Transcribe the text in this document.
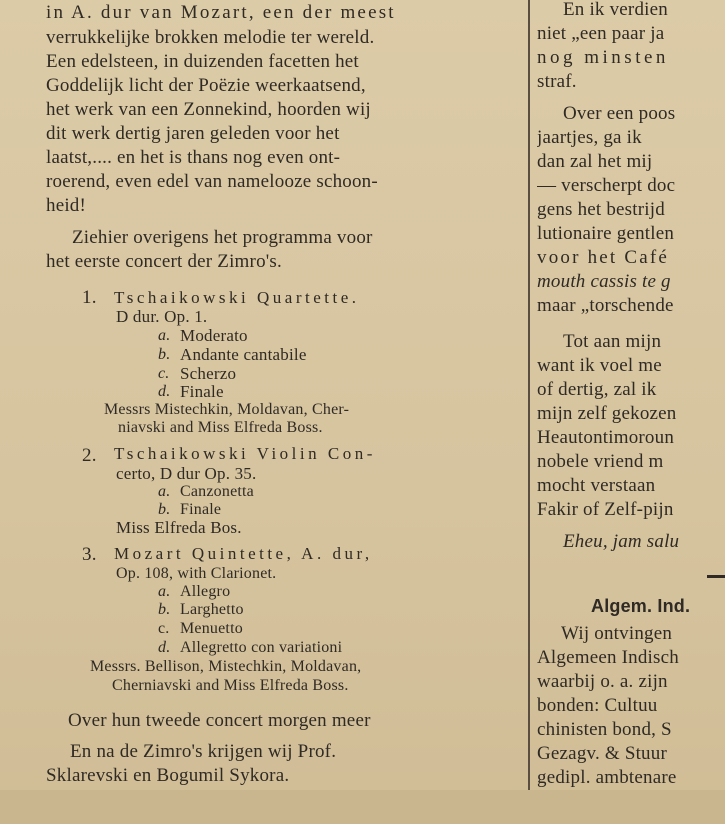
in A. dur van Mozart, een der meest
verrukkelijke brokken melodie ter wereld.
Een edelsteen, in duizenden facetten het
Goddelijk licht der Poëzie weerkaatsend,
het werk van een Zonnekind, hoorden wij
dit werk dertig jaren geleden voor het
laatst,.... en het is thans nog even ont-
roerend, even edel van namelooze schoon-
heid!
Ziehier overigens het programma voor
het eerste concert der Zimro's.
1. Tschaikowski Quartette.
D dur. Op. 1.
a. Moderato
b. Andante cantabile
c. Scherzo
d. Finale
Messrs Mistechkin, Moldavan, Cher-
niavski and Miss Elfreda Boss.
2. Tschaikowski Violin Con-
certo, D dur Op. 35.
a. Canzonetta
b. Finale
Miss Elfreda Bos.
3. Mozart Quintette, A. dur,
Op. 108, with Clarionet.
a. Allegro
b. Larghetto
c. Menuetto
d. Allegretto con variationi
Messrs. Bellison, Mistechkin, Moldavan,
Cherniavski and Miss Elfreda Boss.
Over hun tweede concert morgen meer
En na de Zimro's krijgen wij Prof.
Sklarevski en Bogumil Sykora.
En ik verdien
niet „een paar ja
nog minsten
straf.
Over een poos
jaartjes, ga ik
dan zal het mij
— verscherpt doc
gens het bestrijd
lutionaire gentlen
voor het Café
mouth cassis te g
maar „torschende
Tot aan mijn
want ik voel me
of dertig, zal ik
mijn zelf gekozen
Heautontimoroun
nobele vriend m
mocht verstaan
Fakir of Zelf-pijn
Eheu, jam salu
Algem. Ind.
Wij ontvingen
Algemeen Indisch
waarbij o. a. zijn
bonden: Cultuu
chinisten bond, S
Gezagv. & Stuur
gedipl. ambtenare
